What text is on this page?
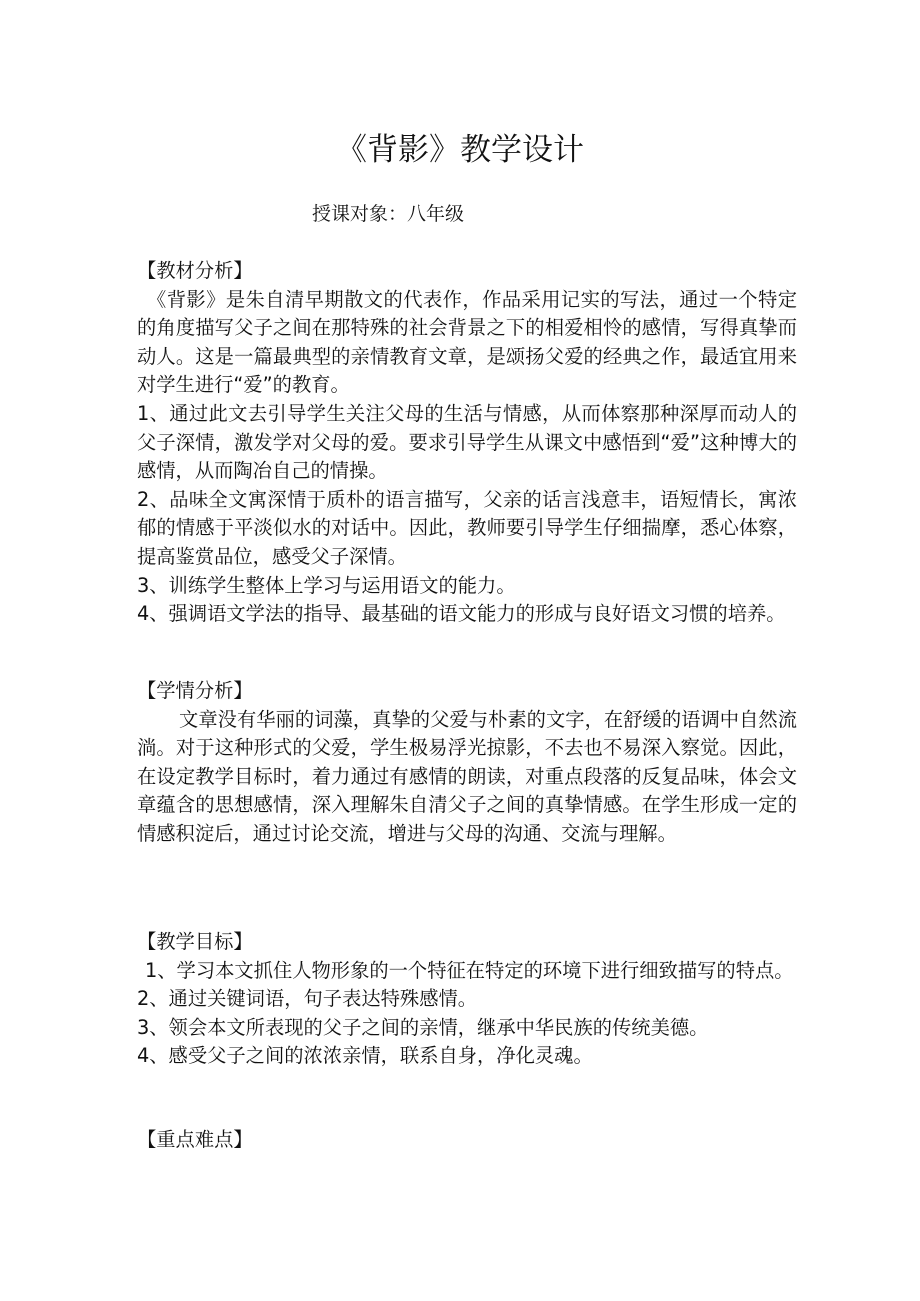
《背影》教学设计
授课对象：八年级

【教材分析】

《背影》是朱自清早期散文的代表作，作品采用记实的写法，通过一个特定的角度描写父子之间在那特殊的社会背景之下的相爱相怜的感情，写得真挚而动人。这是一篇最典型的亲情教育文章，是颂扬父爱的经典之作，最适宜用来对学生进行“爱”的教育。

1、通过此文去引导学生关注父母的生活与情感，从而体察那种深厚而动人的父子深情，激发学对父母的爱。要求引导学生从课文中感悟到“爱”这种博大的感情，从而陶冶自己的情操。

2、品味全文寓深情于质朴的语言描写，父亲的话言浅意丰，语短情长，寓浓郁的情感于平淡似水的对话中。因此，教师要引导学生仔细揣摩，悉心体察，提高鉴赏品位，感受父子深情。

3、训练学生整体上学习与运用语文的能力。

4、强调语文学法的指导、最基础的语文能力的形成与良好语文习惯的培养。

【学情分析】

文章没有华丽的词藻，真挚的父爱与朴素的文字，在舒缓的语调中自然流淌。对于这种形式的父爱，学生极易浮光掠影，不去也不易深入察觉。因此，在设定教学目标时，着力通过有感情的朗读，对重点段落的反复品味，体会文章蕴含的思想感情，深入理解朱自清父子之间的真挚情感。在学生形成一定的情感积淀后，通过讨论交流，增进与父母的沟通、交流与理解。

【教学目标】

1、学习本文抓住人物形象的一个特征在特定的环境下进行细致描写的特点。

2、通过关键词语，句子表达特殊感情。

3、领会本文所表现的父子之间的亲情，继承中华民族的传统美德。

4、感受父子之间的浓浓亲情，联系自身，净化灵魂。

【重点难点】
